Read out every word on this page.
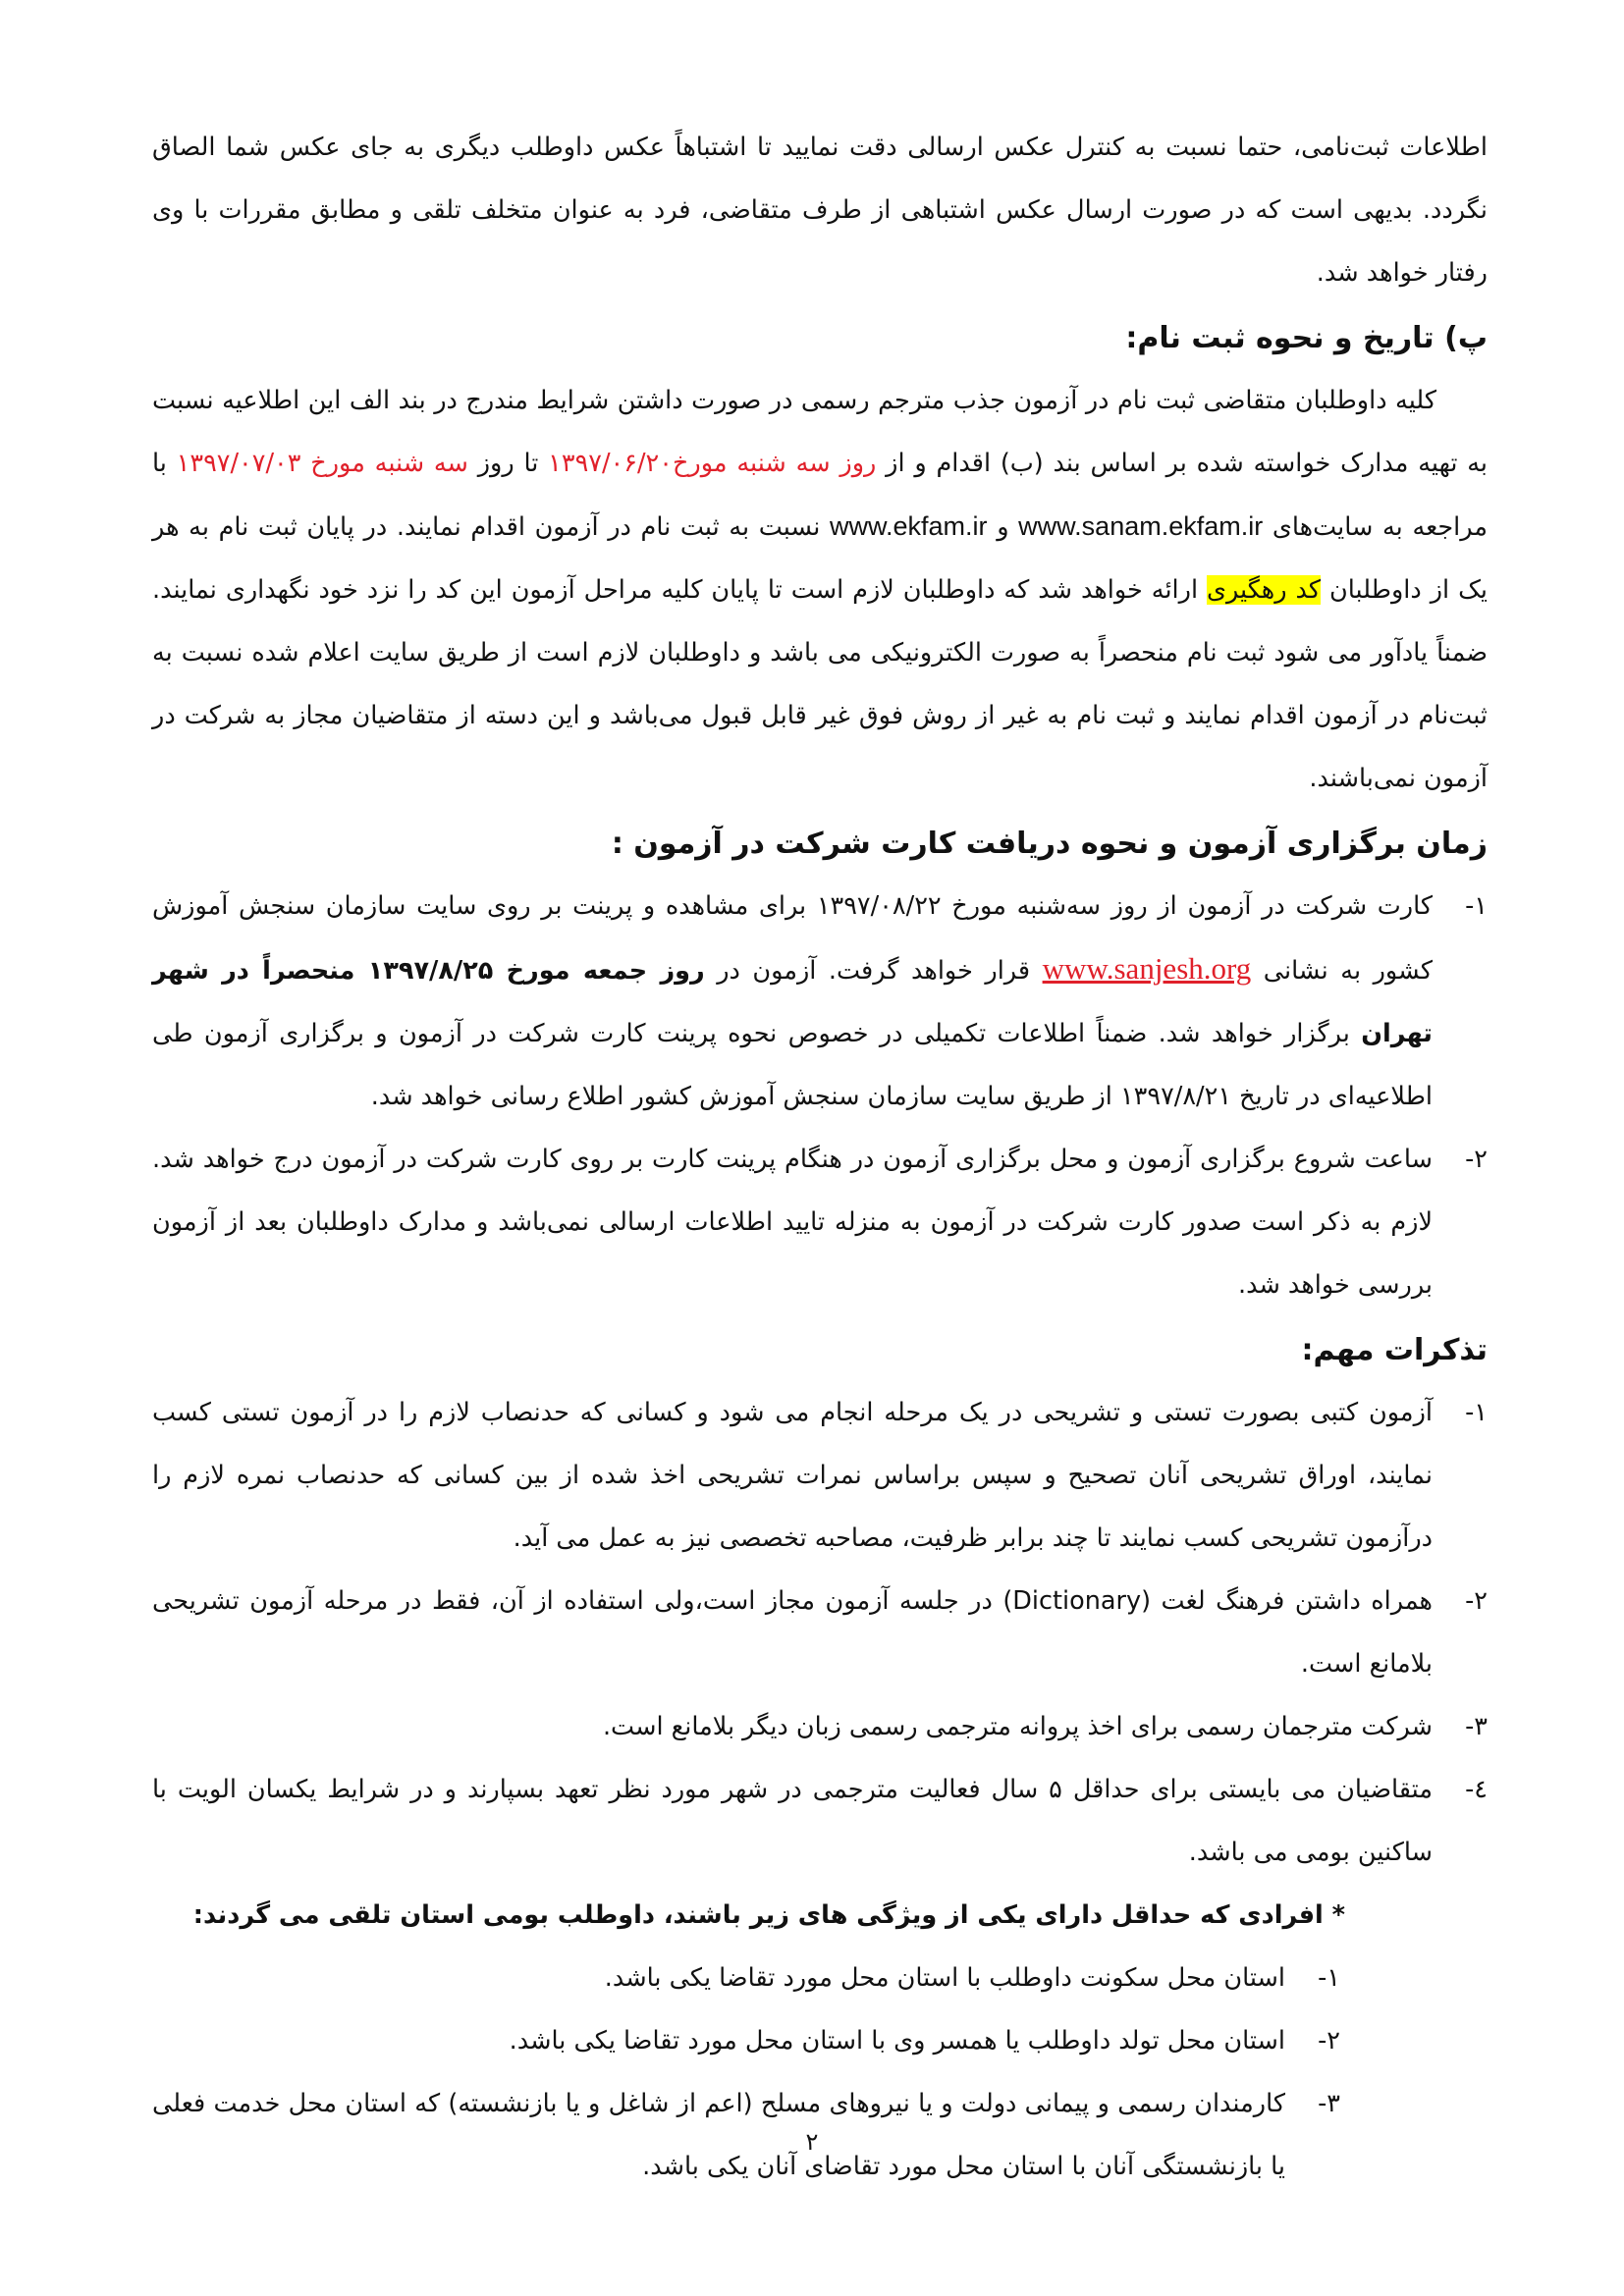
اطلاعات ثبت‌نامی، حتما نسبت به کنترل عکس ارسالی دقت نمایید تا اشتباهاً عکس داوطلب دیگری به جای عکس شما الصاق نگردد. بدیهی است که در صورت ارسال عکس اشتباهی از طرف متقاضی، فرد به عنوان متخلف تلقی و مطابق مقررات با وی رفتار خواهد شد.

پ) تاریخ و نحوه ثبت نام:

کلیه داوطلبان متقاضی ثبت نام در آزمون جذب مترجم رسمی در صورت داشتن شرایط مندرج در بند الف این اطلاعیه نسبت به تهیه مدارک خواسته شده بر اساس بند (ب) اقدام و از روز سه شنبه مورخ۱۳۹۷/۰۶/۲۰ تا روز سه شنبه مورخ ۱۳۹۷/۰۷/۰۳ با مراجعه به سایت‌های www.sanam.ekfam.ir و www.ekfam.ir نسبت به ثبت نام در آزمون اقدام نمایند. در پایان ثبت نام به هر یک از داوطلبان کد رهگیری ارائه خواهد شد که داوطلبان لازم است تا پایان کلیه مراحل آزمون این کد را نزد خود نگهداری نمایند. ضمناً یادآور می شود ثبت نام منحصراً به صورت الکترونیکی می باشد و داوطلبان لازم است از طریق سایت اعلام شده نسبت به ثبت‌نام در آزمون اقدام نمایند و ثبت نام به غیر از روش فوق غیر قابل قبول می‌باشد و این دسته از متقاضیان مجاز به شرکت در آزمون نمی‌باشند.

زمان برگزاری آزمون و نحوه دریافت کارت شرکت در آزمون :

۱-
کارت شرکت در آزمون از روز سه‌شنبه مورخ ۱۳۹۷/۰۸/۲۲ برای مشاهده و پرینت بر روی سایت سازمان سنجش آموزش کشور به نشانی www.sanjesh.org قرار خواهد گرفت. آزمون در روز جمعه مورخ ۱۳۹۷/۸/۲۵ منحصراً در شهر تهران برگزار خواهد شد. ضمناً اطلاعات تکمیلی در خصوص نحوه پرینت کارت شرکت در آزمون و برگزاری آزمون طی اطلاعیه‌ای در تاریخ ۱۳۹۷/۸/۲۱ از طریق سایت سازمان سنجش آموزش کشور اطلاع رسانی خواهد شد.
۲-
ساعت شروع برگزاری آزمون و محل برگزاری آزمون در هنگام پرینت کارت بر روی کارت شرکت در آزمون درج خواهد شد. لازم به ذکر است صدور کارت شرکت در آزمون به منزله تایید اطلاعات ارسالی نمی‌باشد و مدارک داوطلبان بعد از آزمون بررسی خواهد شد.

تذکرات مهم:

۱-
آزمون کتبی بصورت تستی و تشریحی در یک مرحله انجام می شود و کسانی که حدنصاب لازم را در آزمون تستی کسب نمایند، اوراق تشریحی آنان تصحیح و سپس براساس نمرات تشریحی اخذ شده از بین کسانی که حدنصاب نمره لازم را درآزمون تشریحی کسب نمایند تا چند برابر ظرفیت، مصاحبه تخصصی نیز به عمل می آید.
۲-
همراه داشتن فرهنگ لغت (Dictionary) در جلسه آزمون مجاز است،ولی استفاده از آن، فقط در مرحله آزمون تشریحی بلامانع است.
۳-
شرکت مترجمان رسمی برای اخذ پروانه مترجمی رسمی زبان دیگر بلامانع است.
٤-
متقاضیان می بایستی برای حداقل ۵ سال فعالیت مترجمی در شهر مورد نظر تعهد بسپارند و در شرایط یکسان الویت با ساکنین بومی می باشد.

* افرادی که حداقل دارای یکی از ویژگی های زیر باشند، داوطلب بومی استان تلقی می گردند:

۱-
استان محل سکونت داوطلب با استان محل مورد تقاضا یکی باشد.
۲-
استان محل تولد داوطلب یا همسر وی با استان محل مورد تقاضا یکی باشد.
۳-
کارمندان رسمی و پیمانی دولت و یا نیروهای مسلح (اعم از شاغل و یا بازنشسته) که استان محل خدمت فعلی یا بازنشستگی آنان با استان محل مورد تقاضای آنان یکی باشد.
۲
